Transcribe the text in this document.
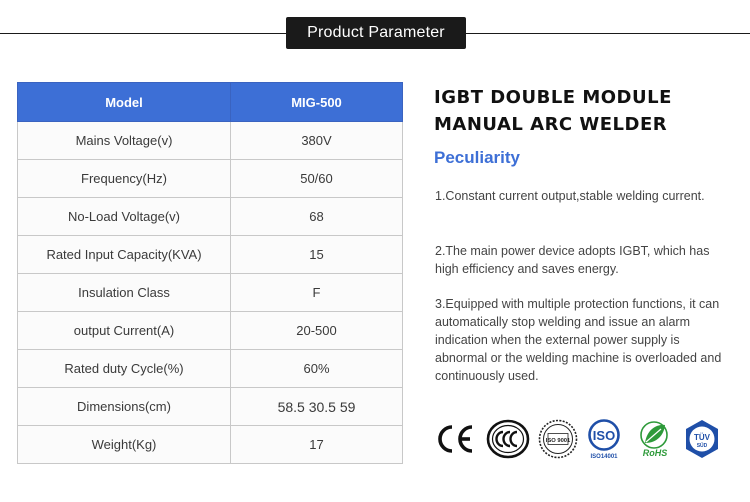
Product Parameter
Model	MIG-500
Mains Voltage(v)	380V
Frequency(Hz)	50/60
No-Load Voltage(v)	68
Rated Input Capacity(KVA)	15
Insulation Class	F
output Current(A)	20-500
Rated duty Cycle(%)	60%
Dimensions(cm)	58.5 30.5 59
Weight(Kg)	17
IGBT DOUBLE MODULE
MANUAL ARC WELDER
Peculiarity
1.Constant current output,stable welding current.
2.The main power device adopts IGBT, which has high efficiency and saves energy.
3.Equipped with multiple protection functions, it can automatically stop welding and issue an alarm indication when the external power supply is abnormal or the welding machine is overloaded and continuously used.
ISO 9001 ISO
ISO14001	RoHS
TÜV
SÜD
